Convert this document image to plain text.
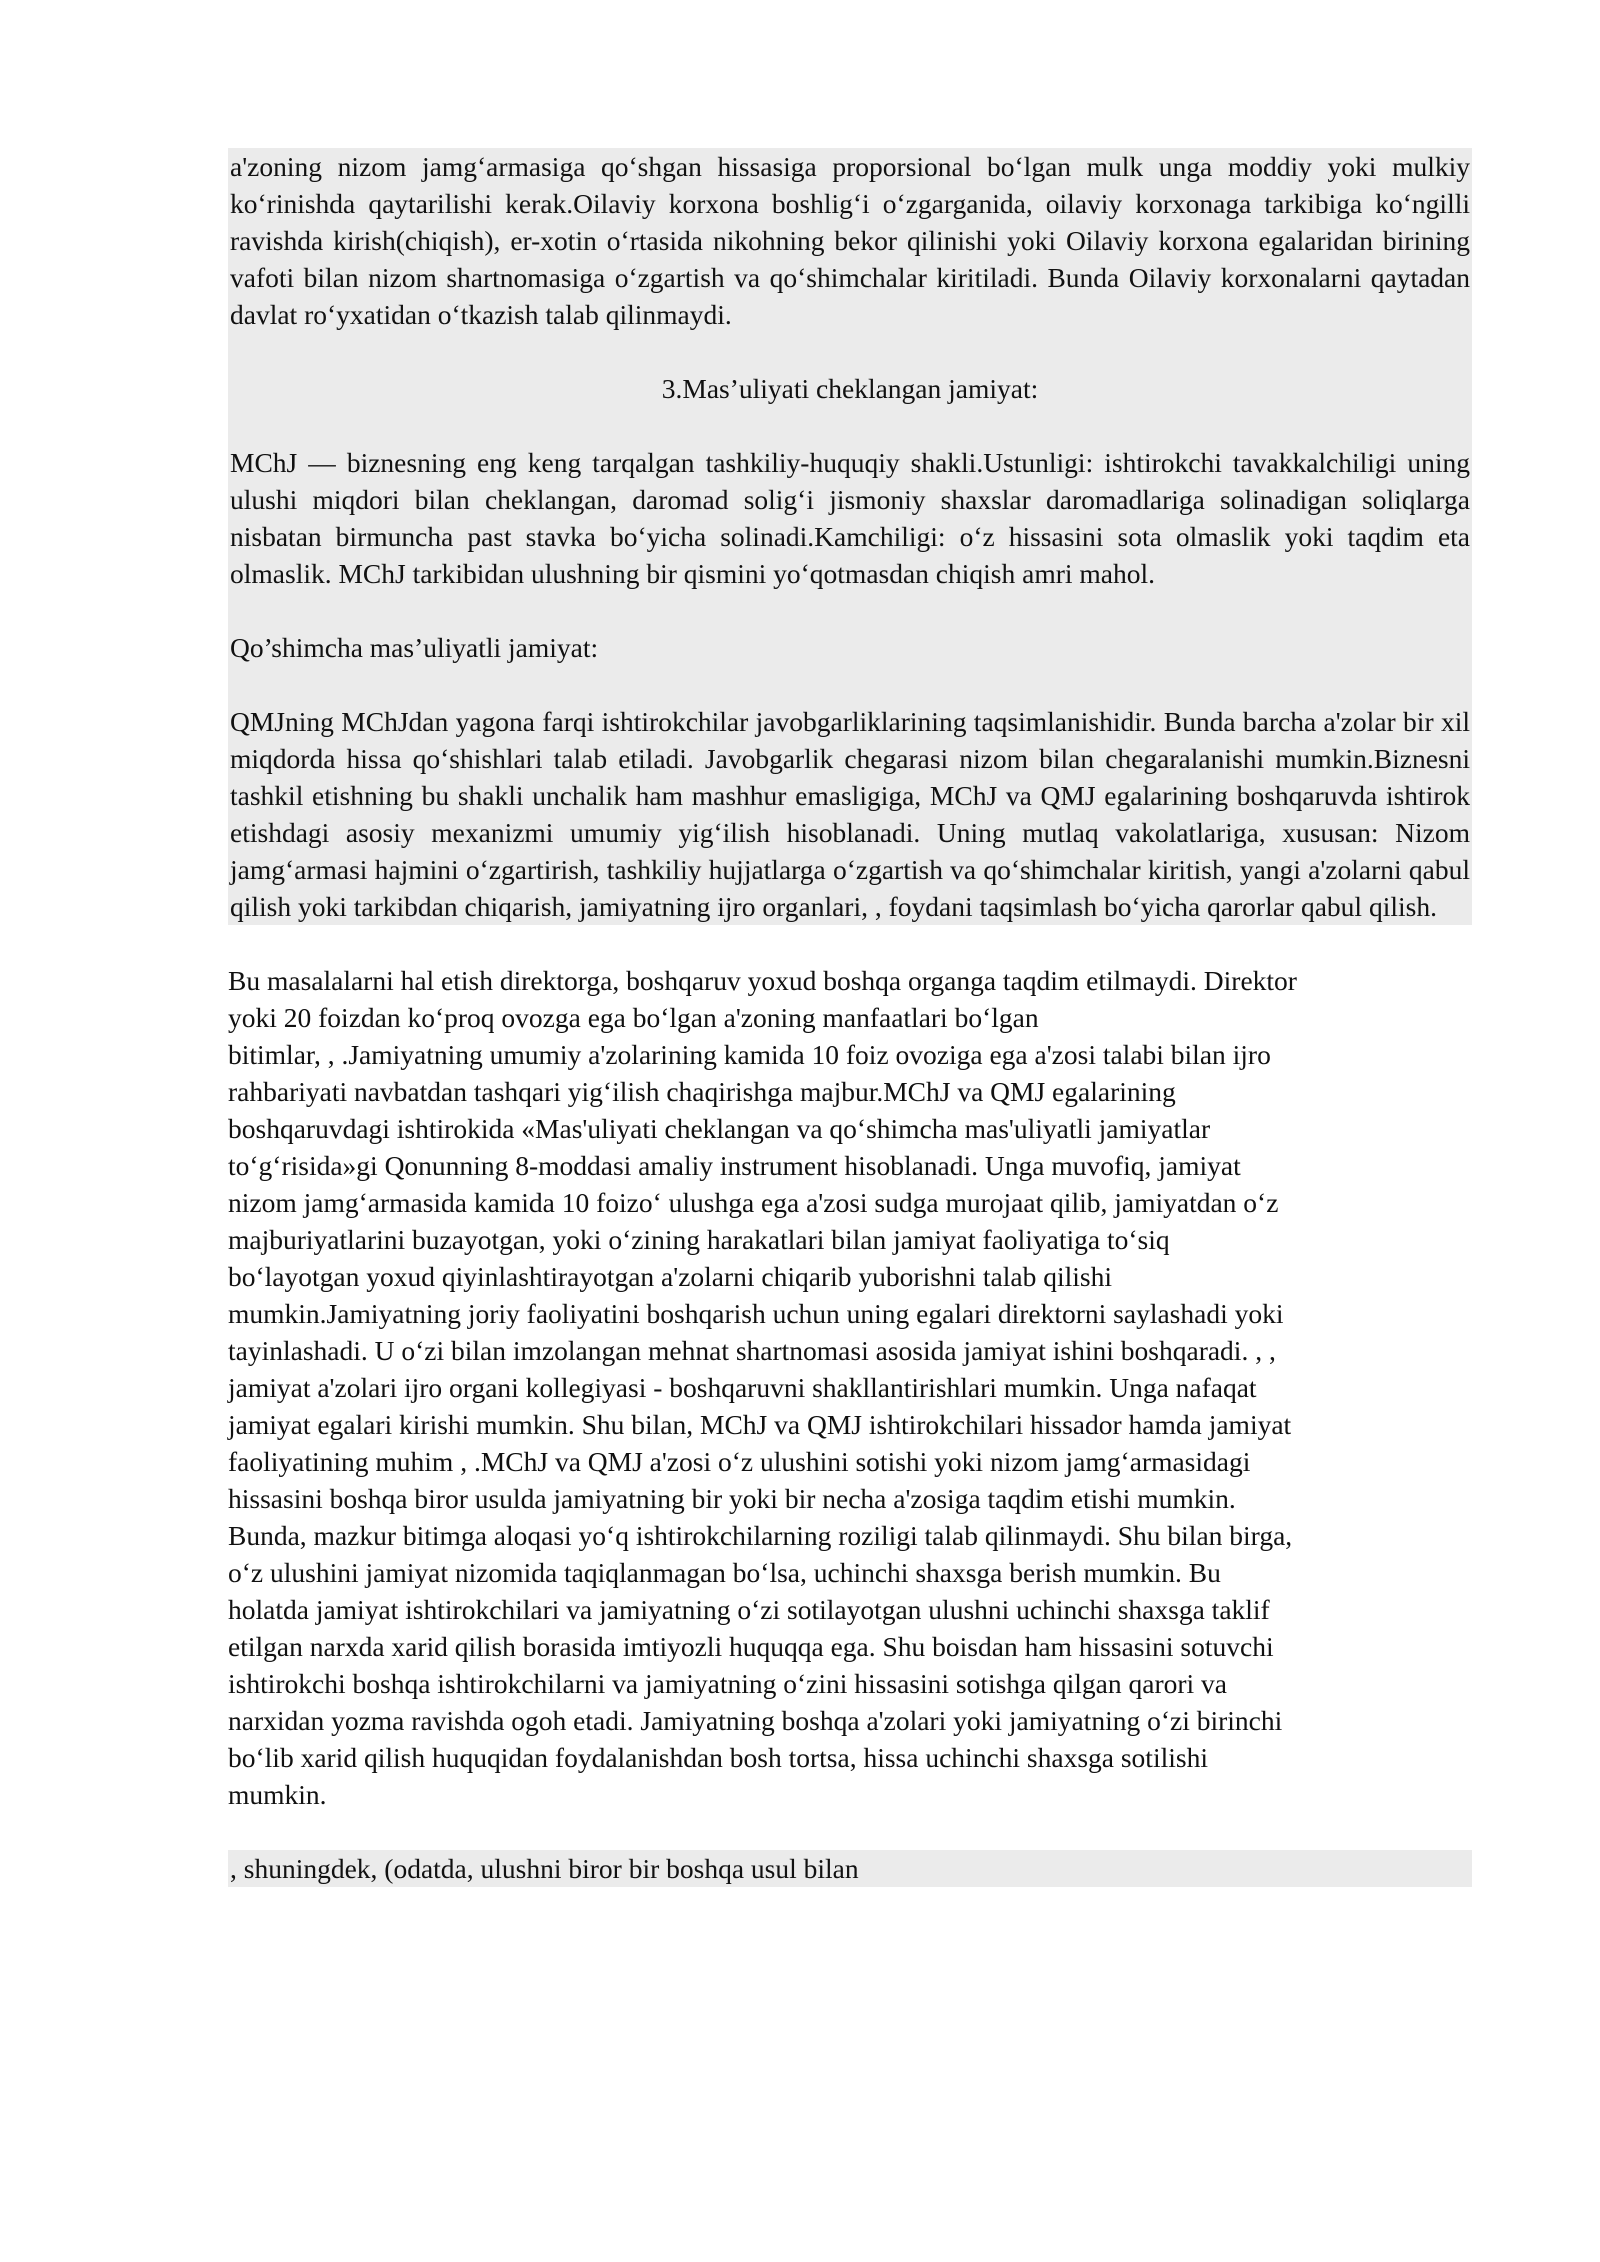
a'zoning nizom jamg‘armasiga qo‘shgan hissasiga proporsional bo‘lgan mulk unga moddiy yoki mulkiy ko‘rinishda qaytarilishi kerak.Oilaviy korxona boshlig‘i o‘zgarganida, oilaviy korxonaga tarkibiga ko‘ngilli ravishda kirish(chiqish), er-xotin o‘rtasida nikohning bekor qilinishi yoki Oilaviy korxona egalaridan birining vafoti bilan nizom shartnomasiga o‘zgartish va qo‘shimchalar kiritiladi. Bunda Oilaviy korxonalarni qaytadan davlat ro‘yxatidan o‘tkazish talab qilinmaydi.

3.Mas’uliyati cheklangan jamiyat:

MChJ — biznesning eng keng tarqalgan tashkiliy-huquqiy shakli.Ustunligi: ishtirokchi tavakkalchiligi uning ulushi miqdori bilan cheklangan, daromad solig‘i jismoniy shaxslar daromadlariga solinadigan soliqlarga nisbatan birmuncha past stavka bo‘yicha solinadi.Kamchiligi: o‘z hissasini sota olmaslik yoki taqdim eta olmaslik. MChJ tarkibidan ulushning bir qismini yo‘qotmasdan chiqish amri mahol.

Qo’shimcha mas’uliyatli jamiyat:

QMJning MChJdan yagona farqi ishtirokchilar javobgarliklarining taqsimlanishidir. Bunda barcha a'zolar bir xil miqdorda hissa qo‘shishlari talab etiladi. Javobgarlik chegarasi nizom bilan chegaralanishi mumkin.Biznesni tashkil etishning bu shakli unchalik ham mashhur emasligiga, MChJ va QMJ egalarining boshqaruvda ishtirok etishdagi asosiy mexanizmi umumiy yig‘ilish hisoblanadi. Uning mutlaq vakolatlariga, xususan: Nizom jamg‘armasi hajmini o‘zgartirish, tashkiliy hujjatlarga o‘zgartish va qo‘shimchalar kiritish, yangi a'zolarni qabul qilish yoki tarkibdan chiqarish, jamiyatning ijro organlari, , foydani taqsimlash bo‘yicha qarorlar qabul qilish.

Bu masalalarni hal etish direktorga, boshqaruv yoxud boshqa organga taqdim etilmaydi. Direktor
yoki 20 foizdan ko‘proq ovozga ega bo‘lgan a'zoning manfaatlari bo‘lgan
bitimlar, , .Jamiyatning umumiy a'zolarining kamida 10 foiz ovoziga ega a'zosi talabi bilan ijro
rahbariyati navbatdan tashqari yig‘ilish chaqirishga majbur.MChJ va QMJ egalarining
boshqaruvdagi ishtirokida «Mas'uliyati cheklangan va qo‘shimcha mas'uliyatli jamiyatlar
to‘g‘risida»gi Qonunning 8-moddasi amaliy instrument hisoblanadi. Unga muvofiq, jamiyat
nizom jamg‘armasida kamida 10 foizo‘ ulushga ega a'zosi sudga murojaat qilib, jamiyatdan o‘z
majburiyatlarini buzayotgan, yoki o‘zining harakatlari bilan jamiyat faoliyatiga to‘siq
bo‘layotgan yoxud qiyinlashtirayotgan a'zolarni chiqarib yuborishni talab qilishi
mumkin.Jamiyatning joriy faoliyatini boshqarish uchun uning egalari direktorni saylashadi yoki
tayinlashadi. U o‘zi bilan imzolangan mehnat shartnomasi asosida jamiyat ishini boshqaradi. , ,
jamiyat a'zolari ijro organi kollegiyasi - boshqaruvni shakllantirishlari mumkin. Unga nafaqat
jamiyat egalari kirishi mumkin. Shu bilan, MChJ va QMJ ishtirokchilari hissador hamda jamiyat
faoliyatining muhim , .MChJ va QMJ a'zosi o‘z ulushini sotishi yoki nizom jamg‘armasidagi
hissasini boshqa biror usulda jamiyatning bir yoki bir necha a'zosiga taqdim etishi mumkin.
Bunda, mazkur bitimga aloqasi yo‘q ishtirokchilarning roziligi talab qilinmaydi. Shu bilan birga,
o‘z ulushini jamiyat nizomida taqiqlanmagan bo‘lsa, uchinchi shaxsga berish mumkin. Bu
holatda jamiyat ishtirokchilari va jamiyatning o‘zi sotilayotgan ulushni uchinchi shaxsga taklif
etilgan narxda xarid qilish borasida imtiyozli huquqqa ega. Shu boisdan ham hissasini sotuvchi
ishtirokchi boshqa ishtirokchilarni va jamiyatning o‘zini hissasini sotishga qilgan qarori va
narxidan yozma ravishda ogoh etadi. Jamiyatning boshqa a'zolari yoki jamiyatning o‘zi birinchi
bo‘lib xarid qilish huquqidan foydalanishdan bosh tortsa, hissa uchinchi shaxsga sotilishi
mumkin.

, shuningdek, (odatda, ulushni biror bir boshqa usul bilan
